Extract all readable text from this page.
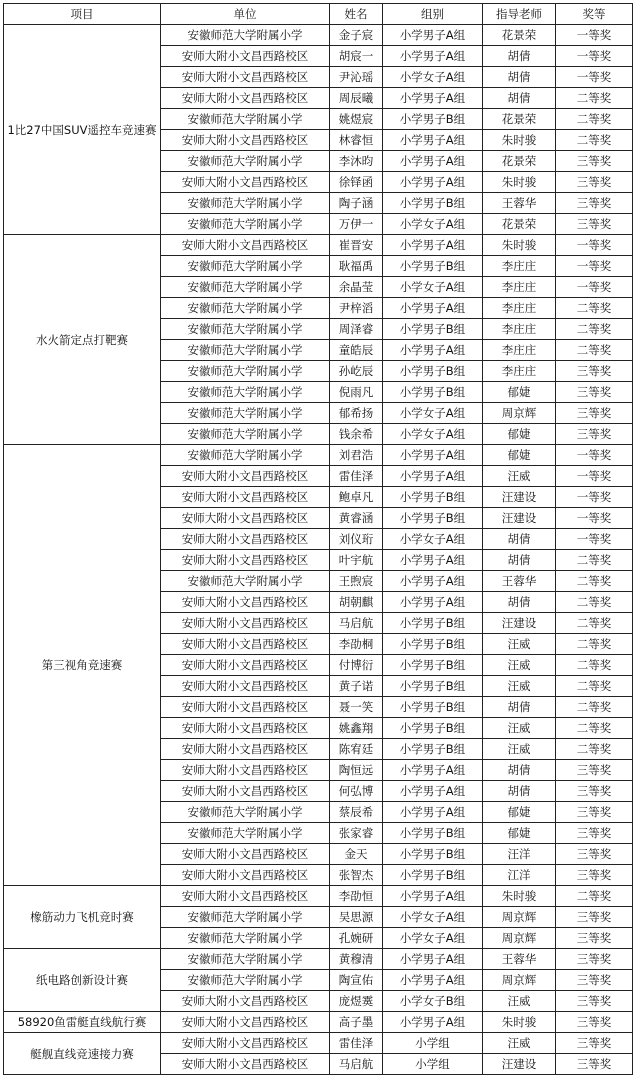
项目	单位	姓名	组别	指导老师	奖等
1比27中国SUV遥控车竞速赛	安徽师范大学附属小学	金子宸	小学男子A组	花景荣	一等奖
	安师大附小文昌西路校区	胡宸一	小学男子A组	胡倩	一等奖
	安师大附小文昌西路校区	尹沁瑶	小学女子A组	胡倩	一等奖
	安师大附小文昌西路校区	周辰曦	小学男子A组	胡倩	二等奖
	安徽师范大学附属小学	姚煜宸	小学男子B组	花景荣	二等奖
	安师大附小文昌西路校区	林睿恒	小学男子A组	朱时骏	二等奖
	安徽师范大学附属小学	李沐昀	小学男子A组	花景荣	三等奖
	安师大附小文昌西路校区	徐铎函	小学男子A组	朱时骏	三等奖
	安徽师范大学附属小学	陶子涵	小学男子B组	王蓉华	三等奖
	安徽师范大学附属小学	万伊一	小学女子A组	花景荣	三等奖
水火箭定点打靶赛	安师大附小文昌西路校区	崔晋安	小学男子A组	朱时骏	一等奖
	安徽师范大学附属小学	耿福禹	小学男子B组	李庄庄	一等奖
	安徽师范大学附属小学	余晶莹	小学女子A组	李庄庄	一等奖
	安徽师范大学附属小学	尹梓滔	小学男子A组	李庄庄	二等奖
	安徽师范大学附属小学	周泽睿	小学男子B组	李庄庄	二等奖
	安徽师范大学附属小学	童皓辰	小学男子A组	李庄庄	二等奖
	安徽师范大学附属小学	孙屹辰	小学男子B组	李庄庄	三等奖
	安徽师范大学附属小学	倪雨凡	小学男子B组	郁婕	三等奖
	安徽师范大学附属小学	郁希扬	小学女子A组	周京辉	三等奖
	安徽师范大学附属小学	钱余希	小学女子A组	郁婕	三等奖
第三视角竞速赛	安徽师范大学附属小学	刘君浩	小学男子A组	郁婕	一等奖
	安师大附小文昌西路校区	雷佳泽	小学男子A组	汪威	一等奖
	安师大附小文昌西路校区	鲍卓凡	小学男子B组	汪建设	一等奖
	安师大附小文昌西路校区	黄睿涵	小学男子B组	汪建设	一等奖
	安师大附小文昌西路校区	刘仪珩	小学女子A组	胡倩	一等奖
	安师大附小文昌西路校区	叶宇航	小学男子A组	胡倩	二等奖
	安徽师范大学附属小学	王煦宸	小学男子A组	王蓉华	二等奖
	安师大附小文昌西路校区	胡朝麒	小学男子A组	胡倩	二等奖
	安师大附小文昌西路校区	马启航	小学男子B组	汪建设	二等奖
	安师大附小文昌西路校区	李劭桐	小学男子B组	汪威	二等奖
	安师大附小文昌西路校区	付博衍	小学男子B组	汪威	二等奖
	安师大附小文昌西路校区	黄子诺	小学男子B组	汪威	二等奖
	安师大附小文昌西路校区	聂一笑	小学男子B组	胡倩	二等奖
	安师大附小文昌西路校区	姚鑫翔	小学男子B组	汪威	二等奖
	安师大附小文昌西路校区	陈宥廷	小学男子B组	汪威	二等奖
	安师大附小文昌西路校区	陶恒远	小学男子A组	胡倩	三等奖
	安师大附小文昌西路校区	何弘博	小学男子A组	胡倩	三等奖
	安徽师范大学附属小学	蔡辰希	小学男子A组	郁婕	三等奖
	安徽师范大学附属小学	张家睿	小学男子B组	郁婕	三等奖
	安师大附小文昌西路校区	金天	小学男子B组	汪洋	三等奖
	安师大附小文昌西路校区	张智杰	小学男子B组	江洋	三等奖
橡筋动力飞机竞时赛	安师大附小文昌西路校区	李劭恒	小学男子A组	朱时骏	二等奖
	安徽师范大学附属小学	吴思源	小学女子A组	周京辉	三等奖
	安徽师范大学附属小学	孔婉研	小学女子A组	周京辉	三等奖
纸电路创新设计赛	安徽师范大学附属小学	黄穆清	小学男子A组	王蓉华	三等奖
	安徽师范大学附属小学	陶宣佑	小学男子A组	周京辉	三等奖
	安师大附小文昌西路校区	庞煜霙	小学女子B组	汪威	三等奖
58920鱼雷艇直线航行赛	安师大附小文昌西路校区	高子墨	小学男子A组	朱时骏	三等奖
艇舰直线竞速接力赛	安师大附小文昌西路校区	雷佳泽	小学组	汪威	三等奖
	安师大附小文昌西路校区	马启航	小学组	汪建设	三等奖
